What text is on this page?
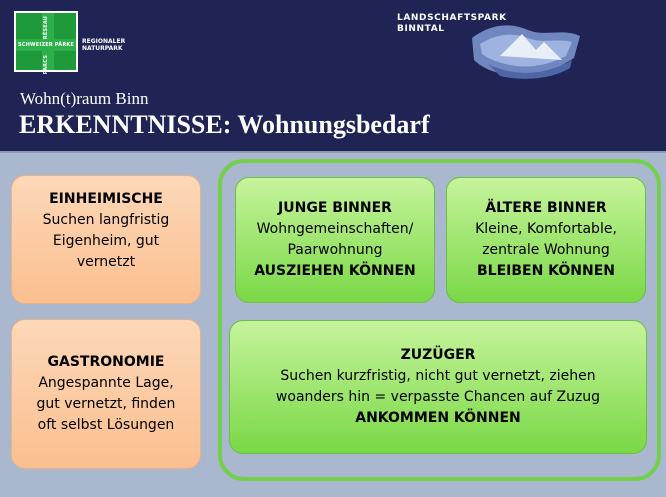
SCHWEIZER PÄRKE
RÉSEAU
PARCS
REGIONALER
NATURPARK
LANDSCHAFTSPARK
BINNTAL
Wohn(t)raum Binn
ERKENNTNISSE: Wohnungsbedarf
EINHEIMISCHE
Suchen langfristig
Eigenheim, gut
vernetzt
GASTRONOMIE
Angespannte Lage,
gut vernetzt, finden
oft selbst Lösungen
JUNGE BINNER
Wohngemeinschaften/
Paarwohnung
AUSZIEHEN KÖNNEN
ÄLTERE BINNER
Kleine, Komfortable,
zentrale Wohnung
BLEIBEN KÖNNEN
ZUZÜGER
Suchen kurzfristig, nicht gut vernetzt, ziehen
woanders hin = verpasste Chancen auf Zuzug
ANKOMMEN KÖNNEN
